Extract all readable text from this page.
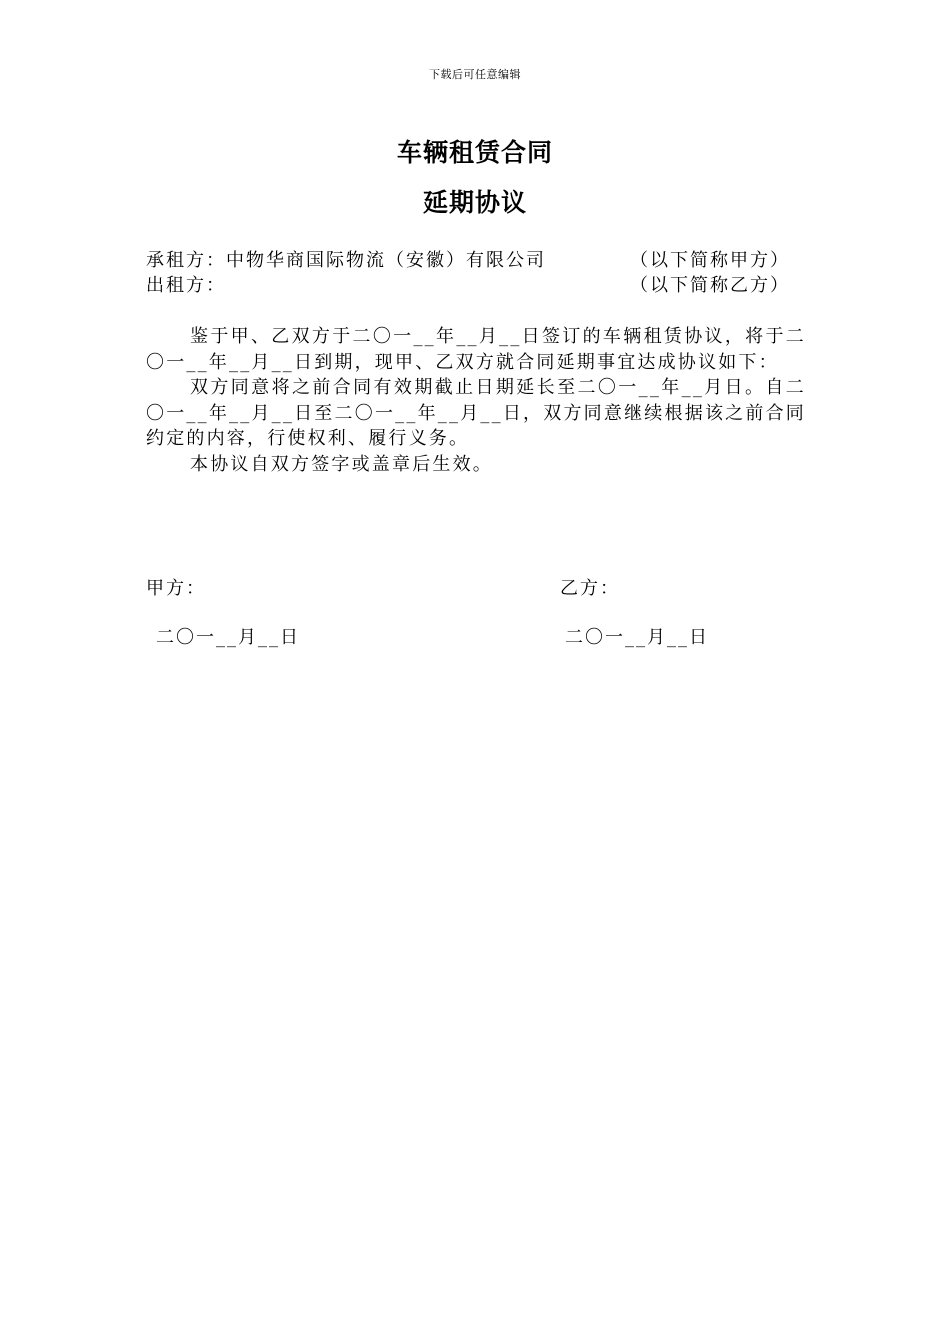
下载后可任意编辑
车辆租赁合同
延期协议
承租方：中物华商国际物流（安徽）有限公司	（以下简称甲方）
出租方：	（以下简称乙方）

鉴于甲、乙双方于二〇一__年__月__日签订的车辆租赁协议，将于二〇一__年__月__日到期，现甲、乙双方就合同延期事宜达成协议如下：

双方同意将之前合同有效期截止日期延长至二〇一__年__月日。自二〇一__年__月__日至二〇一__年__月__日，双方同意继续根据该之前合同约定的内容，行使权利、履行义务。

本协议自双方签字或盖章后生效。

甲方：	乙方：
二〇一__月__日	二〇一__月__日
